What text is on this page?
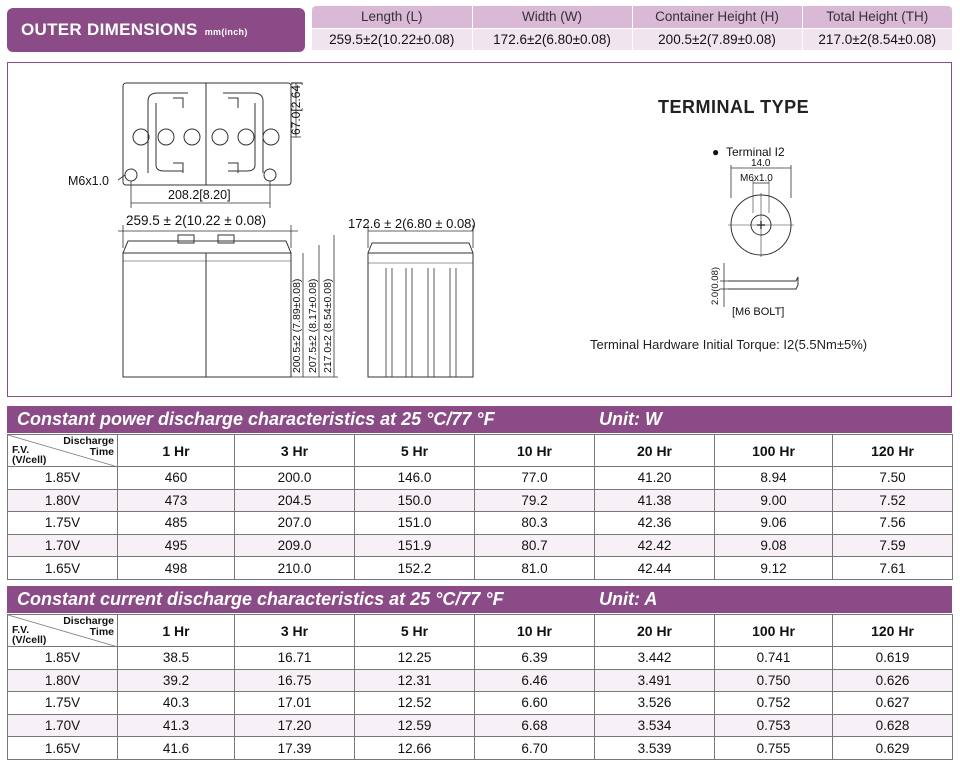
OUTER DIMENSIONS mm(inch)
Length (L)	Width (W)	Container Height (H)	Total Height (TH)
259.5±2(10.22±0.08)	172.6±2(6.80±0.08)	200.5±2(7.89±0.08)	217.0±2(8.54±0.08)
67.0[2.64]
M6x1.0
208.2[8.20]
259.5 ± 2(10.22 ± 0.08)	172.6 ± 2(6.80 ± 0.08)
200.5±2 (7.89±0.08) 207.5±2 (8.17±0.08) 217.0±2 (8.54±0.08)
● Terminal I2
14.0
M6x1.0
2.0(0.08)
[M6 BOLT]
TERMINAL TYPE
Terminal Hardware Initial Torque: I2(5.5Nm±5%)
Constant power discharge characteristics at 25 °C/77 °F	Unit: W
Discharge
Time
F.V.
(V/cell)	1 Hr	3 Hr	5 Hr	10 Hr	20 Hr	100 Hr	120 Hr
1.85V	460	200.0	146.0	77.0	41.20	8.94	7.50
1.80V	473	204.5	150.0	79.2	41.38	9.00	7.52
1.75V	485	207.0	151.0	80.3	42.36	9.06	7.56
1.70V	495	209.0	151.9	80.7	42.42	9.08	7.59
1.65V	498	210.0	152.2	81.0	42.44	9.12	7.61
Constant current discharge characteristics at 25 °C/77 °F	Unit: A
Discharge
Time
F.V.
(V/cell)	1 Hr	3 Hr	5 Hr	10 Hr	20 Hr	100 Hr	120 Hr
1.85V	38.5	16.71	12.25	6.39	3.442	0.741	0.619
1.80V	39.2	16.75	12.31	6.46	3.491	0.750	0.626
1.75V	40.3	17.01	12.52	6.60	3.526	0.752	0.627
1.70V	41.3	17.20	12.59	6.68	3.534	0.753	0.628
1.65V	41.6	17.39	12.66	6.70	3.539	0.755	0.629
